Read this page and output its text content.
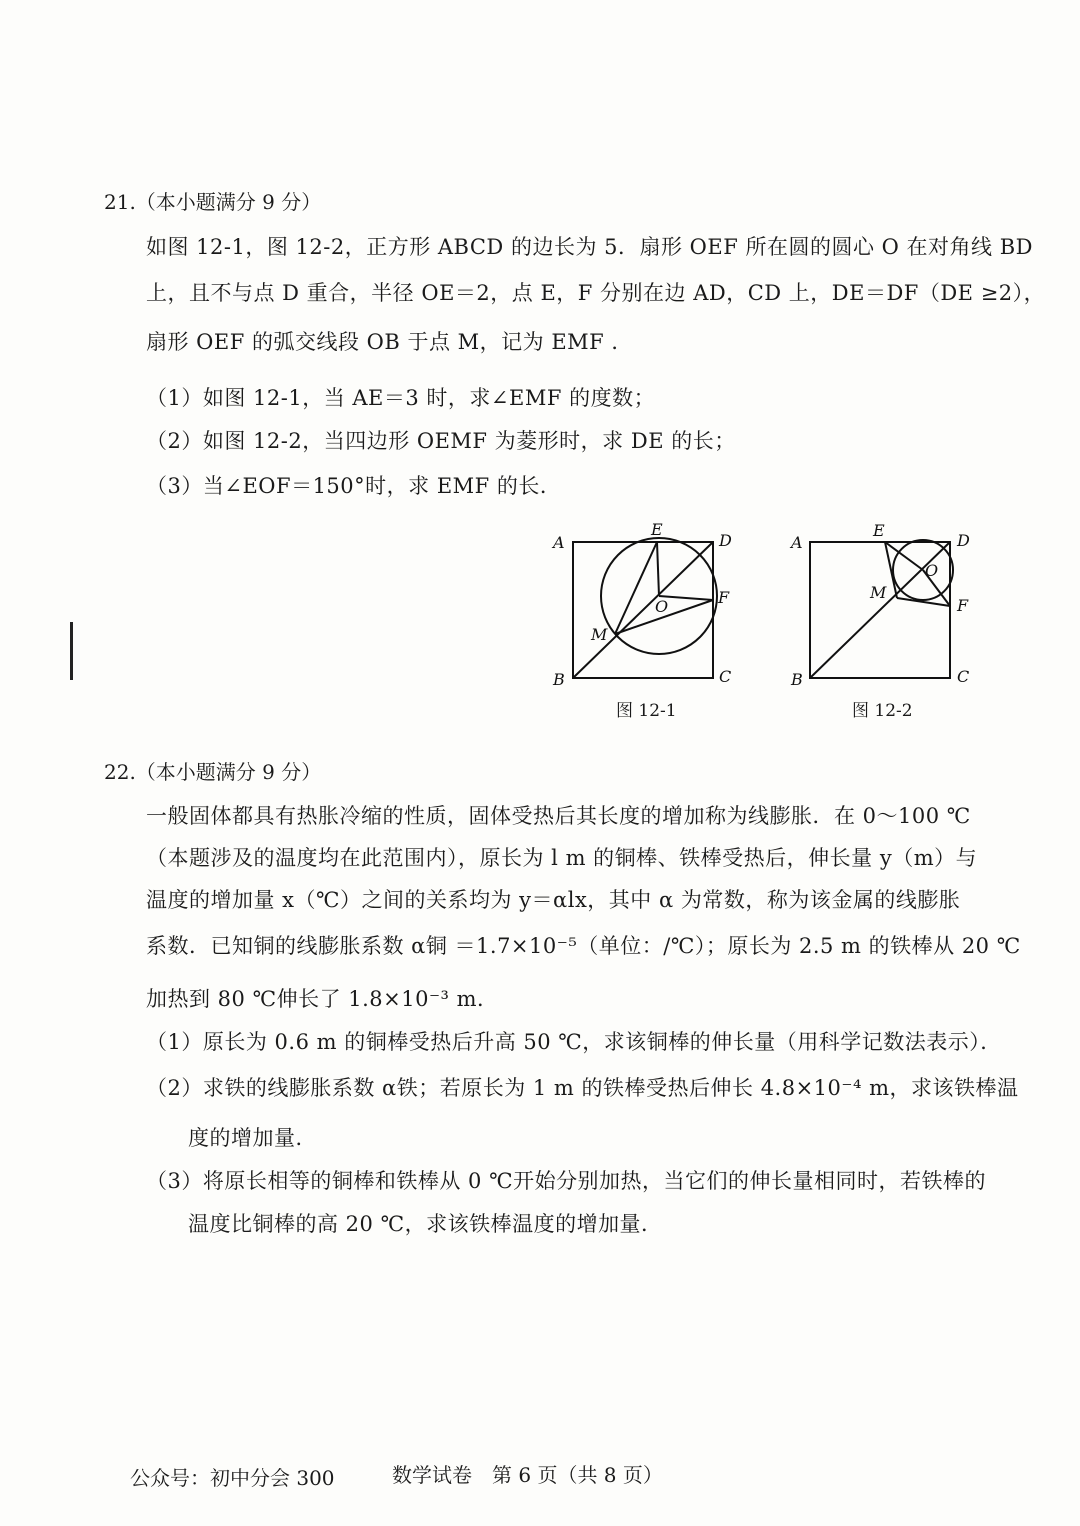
21.（本小题满分 9 分）
如图 12-1，图 12-2，正方形 ABCD 的边长为 5．扇形 OEF 所在圆的圆心 O 在对角线 BD
上，且不与点 D 重合，半径 OE＝2，点 E，F 分别在边 AD，CD 上，DE＝DF（DE ≥2），
扇形 OEF 的弧交线段 OB 于点 M，记为 EMF ．
（1）如图 12-1，当 AE＝3 时，求∠EMF 的度数；
（2）如图 12-2，当四边形 OEMF 为菱形时，求 DE 的长；
（3）当∠EOF＝150°时，求 EMF 的长．
A
B	C
D
E
F
O
M
图 12-1
A
B	C
D
E
F
O
M
图 12-2
22.（本小题满分 9 分）
一般固体都具有热胀冷缩的性质，固体受热后其长度的增加称为线膨胀．在 0～100 ℃
（本题涉及的温度均在此范围内），原长为 l m 的铜棒、铁棒受热后，伸长量 y（m）与
温度的增加量 x（℃）之间的关系均为 y＝αlx，其中 α 为常数，称为该金属的线膨胀
系数．已知铜的线膨胀系数 α铜 ＝1.7×10⁻⁵（单位：/℃）；原长为 2.5 m 的铁棒从 20 ℃
加热到 80 ℃伸长了 1.8×10⁻³ m．
（1）原长为 0.6 m 的铜棒受热后升高 50 ℃，求该铜棒的伸长量（用科学记数法表示）．
（2）求铁的线膨胀系数 α铁；若原长为 1 m 的铁棒受热后伸长 4.8×10⁻⁴ m，求该铁棒温
度的增加量．
（3）将原长相等的铜棒和铁棒从 0 ℃开始分别加热，当它们的伸长量相同时，若铁棒的
温度比铜棒的高 20 ℃，求该铁棒温度的增加量．
公众号：初中分会 300	数学试卷　第 6 页（共 8 页）
